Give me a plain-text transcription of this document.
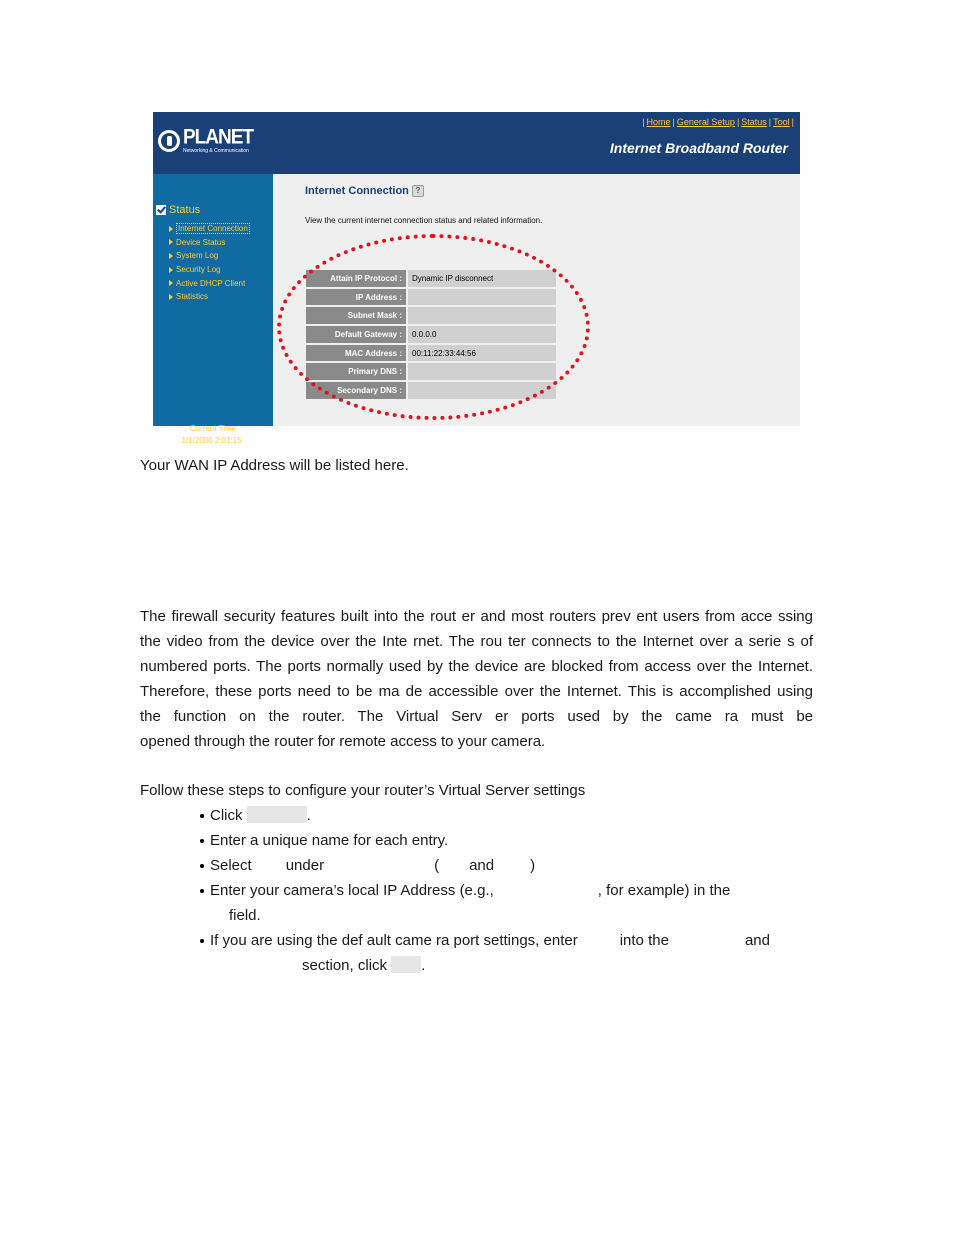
PLANET
Networking & Communication
| Home | General Setup | Status | Tool |
Internet Broadband Router
Status
Internet Connection
Device Status
System Log
Security Log
Active DHCP Client
Statistics
Current Time
1/1/2000 2:01:15
Internet Connection ?
View the current internet connection status and related information.
Attain IP Protocol :	Dynamic IP disconnect
IP Address :	
Subnet Mask :	
Default Gateway :	0.0.0.0
MAC Address :	00:11:22:33:44:56
Primary DNS :	
Secondary DNS :	
Your WAN IP Address will be listed here.
The firewall security features built into the rout er and most routers prev ent users from acce ssing
the video from the device over the Inte rnet. The rou ter connects to the Internet over a serie s of
numbered ports. The ports normally used by the device are blocked from access over the Internet.
Therefore, these ports need to be ma de accessible over the Internet. This is accomplished using
the function on the router. The Virtual Serv er ports used by the came ra must be
opened through the router for remote access to your camera.
Follow these steps to configure your router’s Virtual Server settings
Click	.
Enter a unique name for each entry.
Select under	( and )
Enter your camera’s local IP Address (e.g.,	, for example) in the
field.
If you are using the def ault came ra port settings, enter	into the	and
section, click .
